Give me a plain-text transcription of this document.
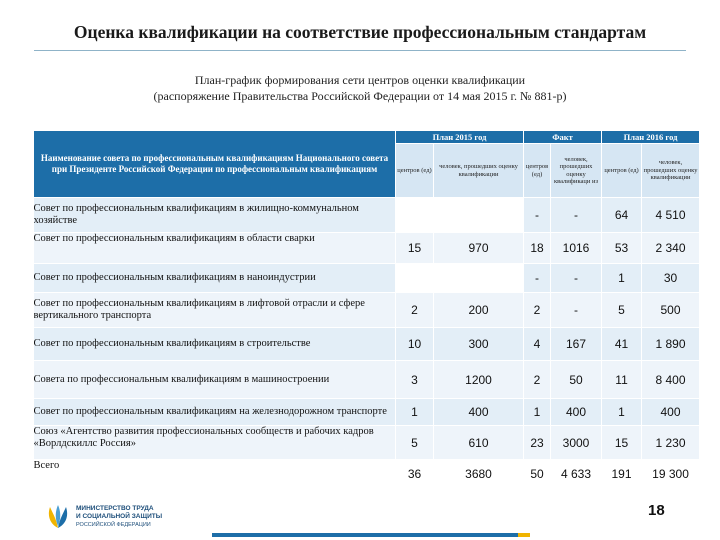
Оценка квалификации на соответствие профессиональным стандартам
План-график формирования сети центров оценки квалификации
(распоряжение Правительства Российской Федерации от 14 мая 2015 г. № 881-р)
Наименование совета по профессиональным квалификациям Национального совета при Президенте Российской Федерации по профессиональным квалификациям	План 2015 год		Факт		План 2016 год	
	центров (ед)	человек, прошедших оценку квалификации	центров (ед)	человек, прошедших оценку квалификаци из	центров (ед)	человек, прошедших оценку квалификации
Совет по профессиональным квалификациям в жилищно-коммунальном хозяйстве			-	-	64	4 510
Совет по профессиональным квалификациям в области сварки	15	970	18	1016	53	2 340
Совет по профессиональным квалификациям в наноиндустрии			-	-	1	30
Совет по профессиональным квалификациям в лифтовой отрасли и сфере вертикального транспорта	2	200	2	-	5	500
Совет по профессиональным квалификациям в строительстве	10	300	4	167	41	1 890
Совета по профессиональным квалификациям в машиностроении	3	1200	2	50	11	8 400
Совет по профессиональным квалификациям на железнодорожном транспорте	1	400	1	400	1	400
Союз «Агентство развития профессиональных сообществ и рабочих кадров «Ворлдскиллс Россия»	5	610	23	3000	15	1 230
Всего	36	3680	50	4 633	191	19 300
МИНИСТЕРСТВО ТРУДА
И СОЦИАЛЬНОЙ ЗАЩИТЫ
РОССИЙСКОЙ ФЕДЕРАЦИИ
18
